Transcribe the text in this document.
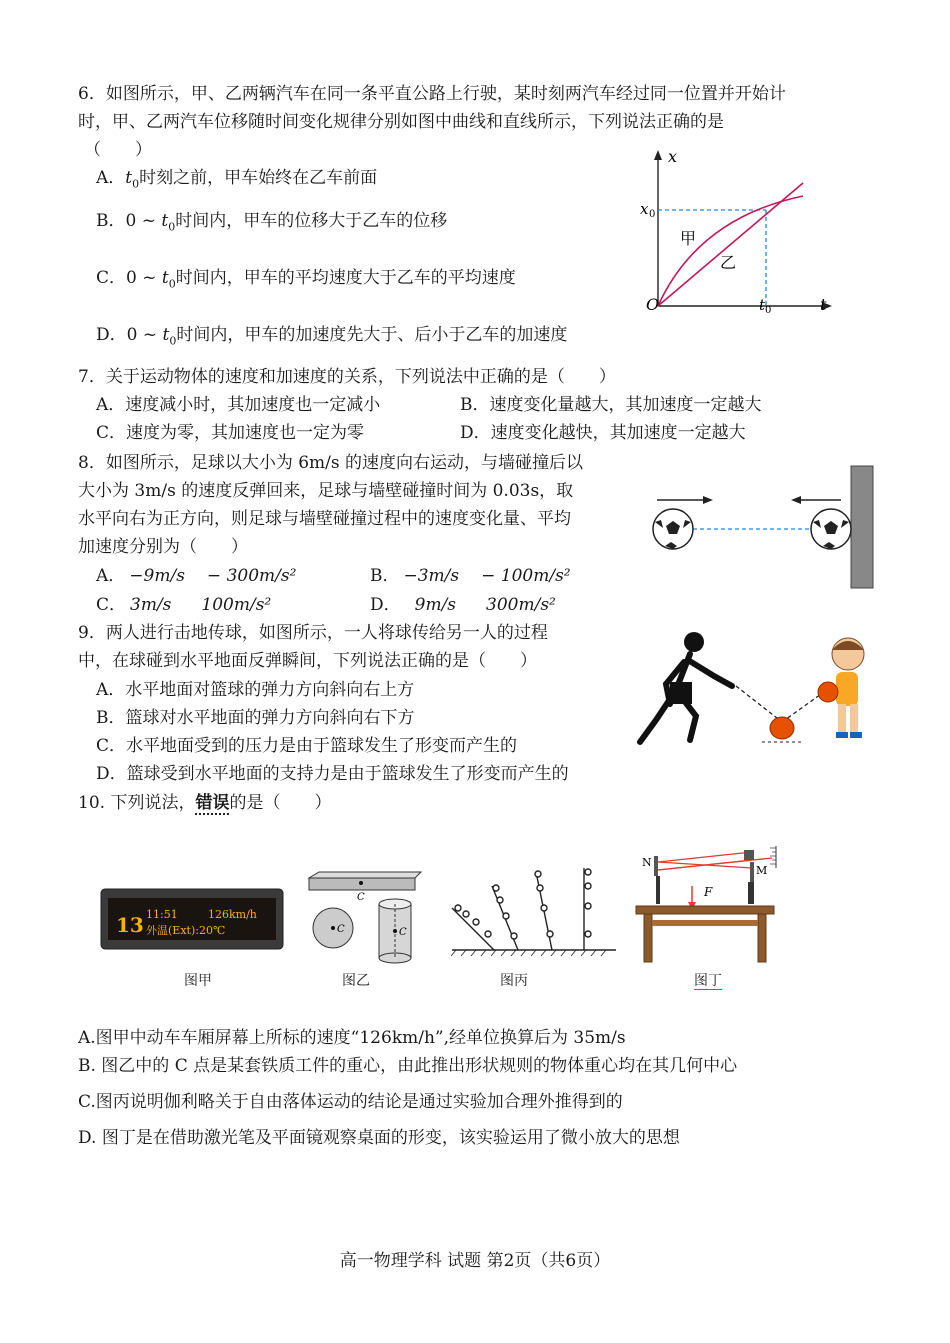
6．如图所示，甲、乙两辆汽车在同一条平直公路上行驶，某时刻两汽车经过同一位置并开始计
时，甲、乙两汽车位移随时间变化规律分别如图中曲线和直线所示，下列说法正确的是
（　　）
A．$t_0$时刻之前，甲车始终在乙车前面
B．0 ~ $t_0$时间内，甲车的位移大于乙车的位移
C．0 ~ $t_0$时间内，甲车的平均速度大于乙车的平均速度
D．0 ~ $t_0$时间内，甲车的加速度先大于、后小于乙车的加速度
x
t
O
x 0
t 0
甲
乙
7．关于运动物体的速度和加速度的关系，下列说法中正确的是（　　）
A．速度减小时，其加速度也一定减小	B．速度变化量越大，其加速度一定越大
C．速度为零，其加速度也一定为零	D．速度变化越快，其加速度一定越大
8．如图所示，足球以大小为 6m/s 的速度向右运动，与墙碰撞后以
大小为 3m/s 的速度反弹回来，足球与墙壁碰撞时间为 0.03s，取
水平向右为正方向，则足球与墙壁碰撞过程中的速度变化量、平均
加速度分别为（　　）
A． −9m/s − 300m/s²	B． −3m/s − 100m/s²
C． 3m/s 100m/s²	D． 9m/s 300m/s²
9．两人进行击地传球，如图所示，一人将球传给另一人的过程
中，在球碰到水平地面反弹瞬间，下列说法正确的是（　　）
A．水平地面对篮球的弹力方向斜向右上方
B．篮球对水平地面的弹力方向斜向右下方
C．水平地面受到的压力是由于篮球发生了形变而产生的
D．篮球受到水平地面的支持力是由于篮球发生了形变而产生的
10. 下列说法，错误的是（　　）
13 11:51	126km/h
外温(Ext):20℃
图甲
C
C	C
图乙	图丙
F
N
M
图丁
A.图甲中动车车厢屏幕上所标的速度“126km/h”,经单位换算后为 35m/s
B. 图乙中的 C 点是某套铁质工件的重心，由此推出形状规则的物体重心均在其几何中心
C.图丙说明伽利略关于自由落体运动的结论是通过实验加合理外推得到的
D. 图丁是在借助激光笔及平面镜观察桌面的形变，该实验运用了微小放大的思想
高一物理学科 试题 第2页（共6页）
